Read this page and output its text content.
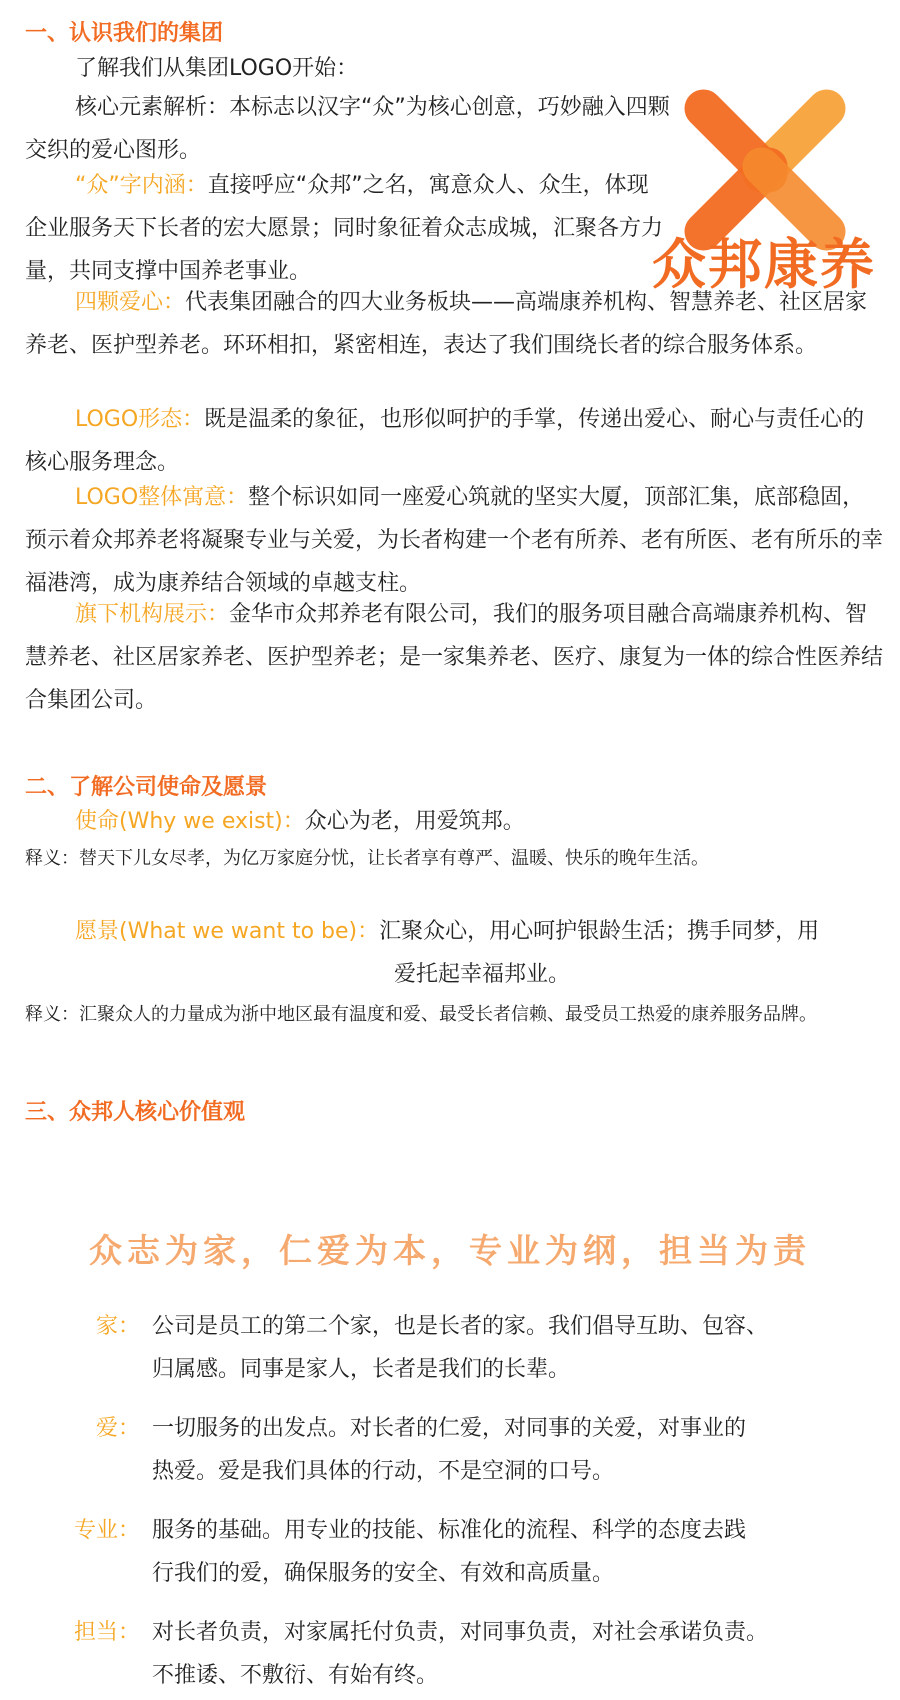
一、认识我们的集团
了解我们从集团LOGO开始：
核心元素解析：本标志以汉字“众”为核心创意，巧妙融入四颗交织的爱心图形。
“众”字内涵：直接呼应“众邦”之名，寓意众人、众生，体现企业服务天下长者的宏大愿景；同时象征着众志成城，汇聚各方力量，共同支撑中国养老事业。
四颗爱心：代表集团融合的四大业务板块——高端康养机构、智慧养老、社区居家养老、医护型养老。环环相扣，紧密相连，表达了我们围绕长者的综合服务体系。
LOGO形态：既是温柔的象征，也形似呵护的手掌，传递出爱心、耐心与责任心的核心服务理念。
LOGO整体寓意：整个标识如同一座爱心筑就的坚实大厦，顶部汇集，底部稳固，预示着众邦养老将凝聚专业与关爱，为长者构建一个老有所养、老有所医、老有所乐的幸福港湾，成为康养结合领域的卓越支柱。
旗下机构展示：金华市众邦养老有限公司，我们的服务项目融合高端康养机构、智慧养老、社区居家养老、医护型养老；是一家集养老、医疗、康复为一体的综合性医养结合集团公司。
众邦康养
二、了解公司使命及愿景
使命(Why we exist)：众心为老，用爱筑邦。
释义：替天下儿女尽孝，为亿万家庭分忧，让长者享有尊严、温暖、快乐的晚年生活。
愿景(What we want to be)：汇聚众心，用心呵护银龄生活；携手同梦，用
爱托起幸福邦业。
释义：汇聚众人的力量成为浙中地区最有温度和爱、最受长者信赖、最受员工热爱的康养服务品牌。
三、众邦人核心价值观
众志为家，仁爱为本，专业为纲，担当为责
家： 公司是员工的第二个家，也是长者的家。我们倡导互助、包容、
归属感。同事是家人，长者是我们的长辈。
爱： 一切服务的出发点。对长者的仁爱，对同事的关爱，对事业的
热爱。爱是我们具体的行动，不是空洞的口号。
专业： 服务的基础。用专业的技能、标准化的流程、科学的态度去践
行我们的爱，确保服务的安全、有效和高质量。
担当： 对长者负责，对家属托付负责，对同事负责，对社会承诺负责。
不推诿、不敷衍、有始有终。
